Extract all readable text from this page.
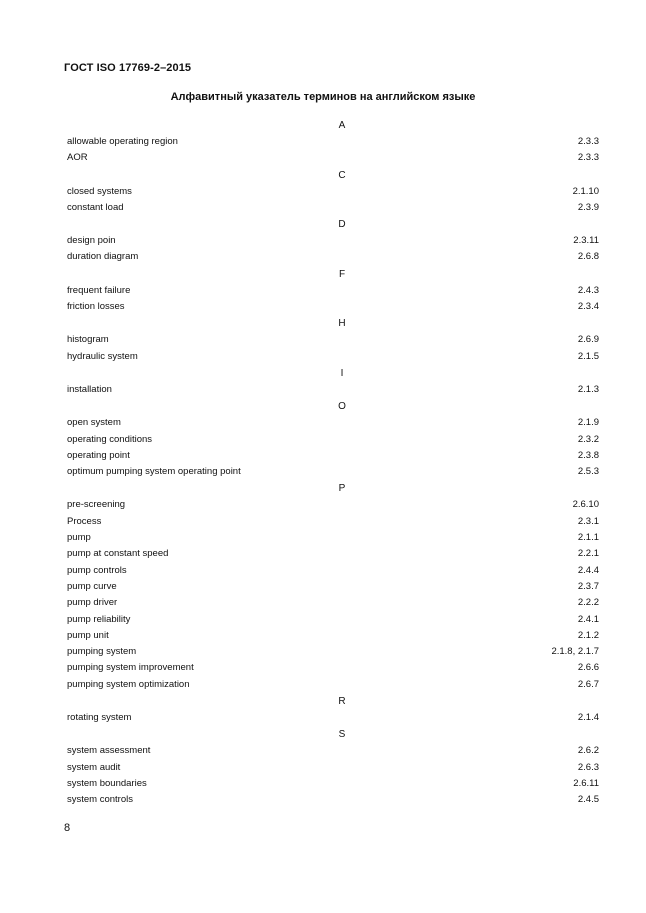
ГОСТ ISO 17769-2–2015
Алфавитный указатель терминов на английском языке
A
allowable operating region	2.3.3
AOR	2.3.3
C
closed systems	2.1.10
constant load	2.3.9
D
design poin	2.3.11
duration diagram	2.6.8
F
frequent failure	2.4.3
friction losses	2.3.4
H
histogram	2.6.9
hydraulic system	2.1.5
I
installation	2.1.3
O
open system	2.1.9
operating conditions	2.3.2
operating point	2.3.8
optimum pumping system operating point	2.5.3
P
pre-screening	2.6.10
Process	2.3.1
pump	2.1.1
pump at constant speed	2.2.1
pump controls	2.4.4
pump curve	2.3.7
pump driver	2.2.2
pump reliability	2.4.1
pump unit	2.1.2
pumping system	2.1.8, 2.1.7
pumping system improvement	2.6.6
pumping system optimization	2.6.7
R
rotating system	2.1.4
S
system assessment	2.6.2
system audit	2.6.3
system boundaries	2.6.11
system controls	2.4.5
8
